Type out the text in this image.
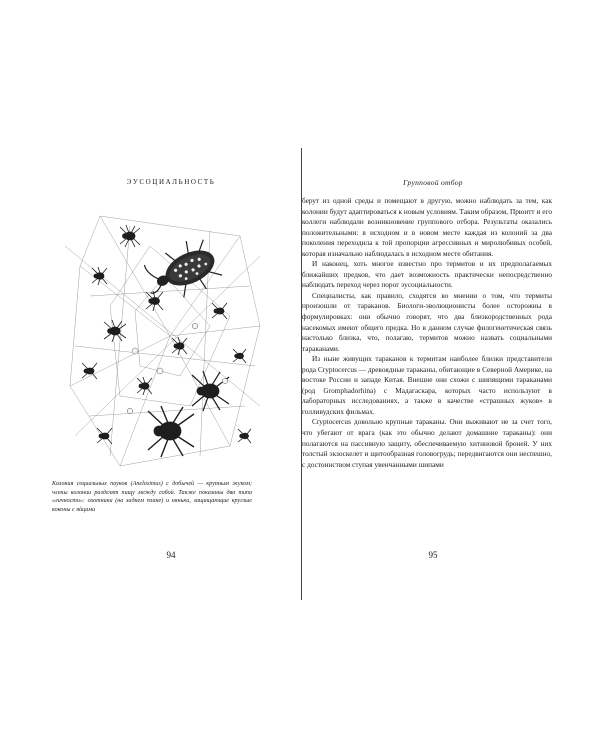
ЭУСОЦИАЛЬНОСТЬ
Колония социальных пауков (Anelosimus) с добычей — крупным жуком; члены колонии разделят пищу между собой. Также показаны два типа «личности»: охотники (на заднем плане) и няньки, защищающие круглые коконы с яйцами
94
Групповой отбор

берут из одной среды и помещают в другую, можно наблюдать за тем, как колонии будут адаптироваться к новым условиям. Таким образом, Прюитт и его коллеги наблюдали возникновение группового отбора. Результаты оказались положительными: в исходном и в новом месте каждая из колоний за два поколения переходила к той пропорции агрессивных и миролюбивых особей, которая изначально наблюдалась в исходном месте обитания.

И наконец, хоть многое известно про термитов и их предполагаемых ближайших предков, что дает возможность практически непосредственно наблюдать переход через порог эусоциальности.

Специалисты, как правило, сходятся во мнении о том, что термиты произошли от тараканов. Биологи-эволюционисты более осторожны в формулировках: они обычно говорят, что два близкородственных рода насекомых имеют общего предка. Но в данном случае филогенетическая связь настолько близка, что, полагаю, термитов можно назвать социальными тараканами.

Из ныне живущих тараканов к термитам наиболее близки представители рода Cryptocercus — древоядные тараканы, обитающие в Северной Америке, на востоке России и западе Китая. Внешне они схожи с шипящими тараканами (род Gromphadorhina) с Мадагаскара, которых часто используют в лабораторных исследованиях, а также в качестве «страшных жуков» в голливудских фильмах.

Cryptocercus довольно крупные тараканы. Они выживают не за счет того, что убегают от врага (как это обычно делают домашние тараканы): они полагаются на пассивную защиту, обеспечиваемую хитиновой броней. У них толстый экзоскелет и щитообразная головогрудь; передвигаются они неспешно, с достоинством ступая увенчанными шипами

95
